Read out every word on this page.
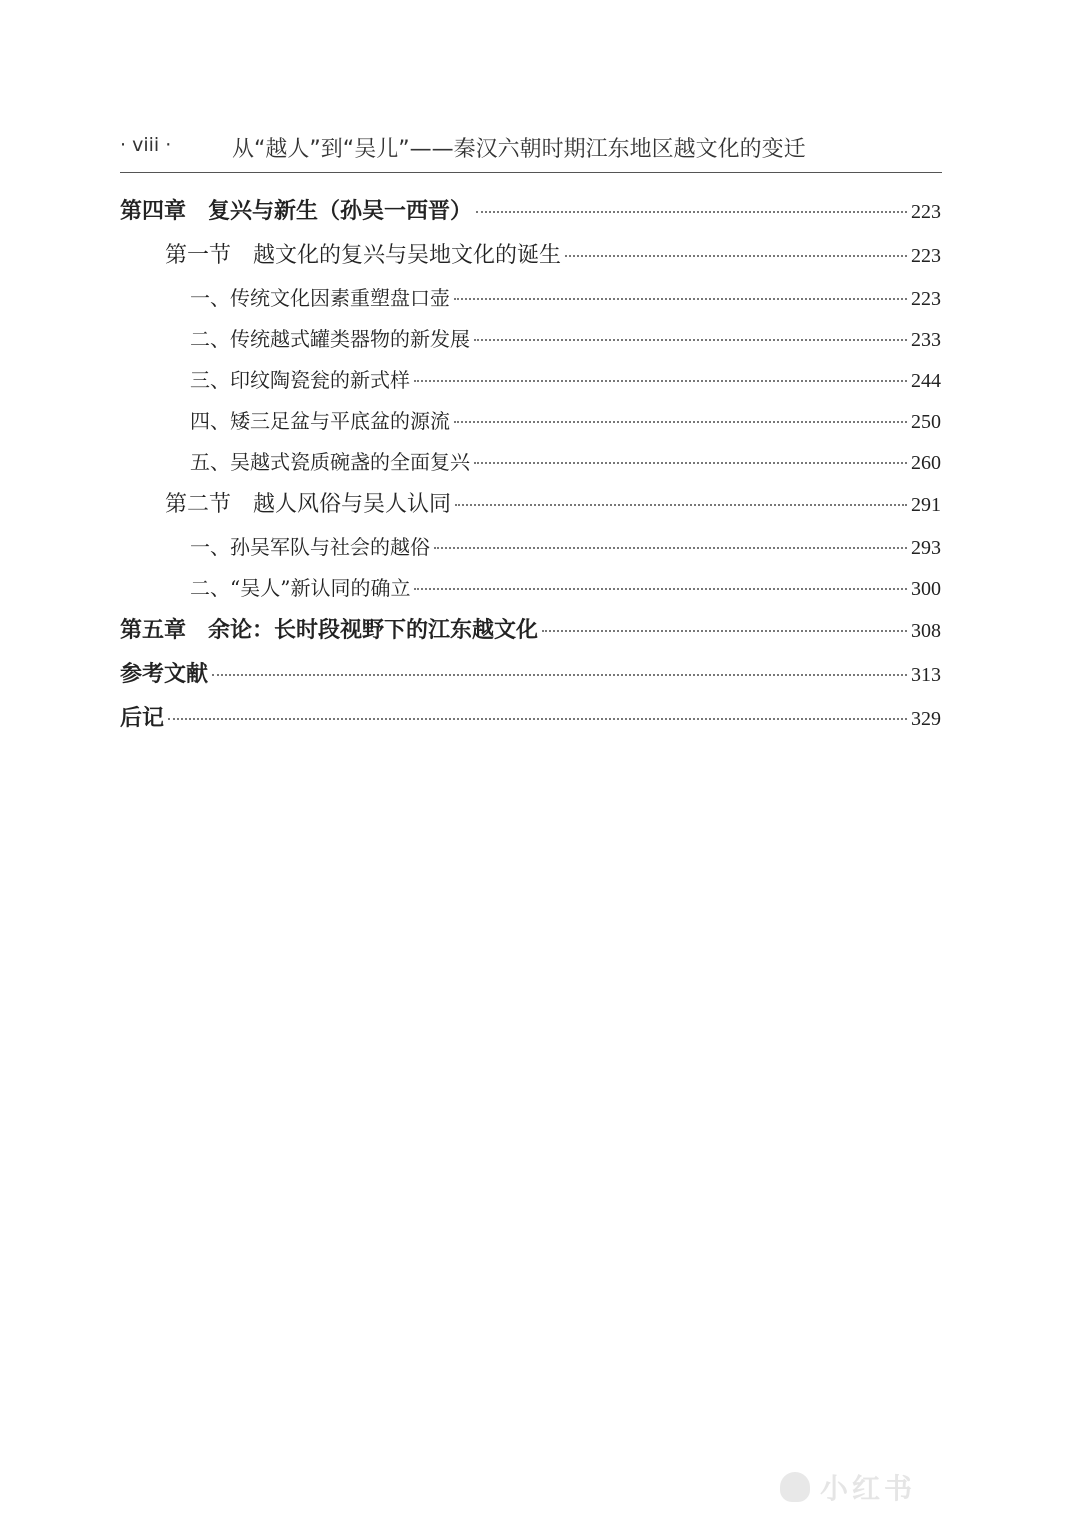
· viii ·	从“越人”到“吴儿”——秦汉六朝时期江东地区越文化的变迁
第四章　复兴与新生（孙吴一西晋）	223
第一节　越文化的复兴与吴地文化的诞生	223
一、传统文化因素重塑盘口壶	223
二、传统越式罐类器物的新发展	233
三、印纹陶瓷瓮的新式样	244
四、矮三足盆与平底盆的源流	250
五、吴越式瓷质碗盏的全面复兴	260
第二节　越人风俗与吴人认同	291
一、孙吴军队与社会的越俗	293
二、“吴人”新认同的确立	300
第五章　余论：长时段视野下的江东越文化	308
参考文献	313
后记	329
小红书
